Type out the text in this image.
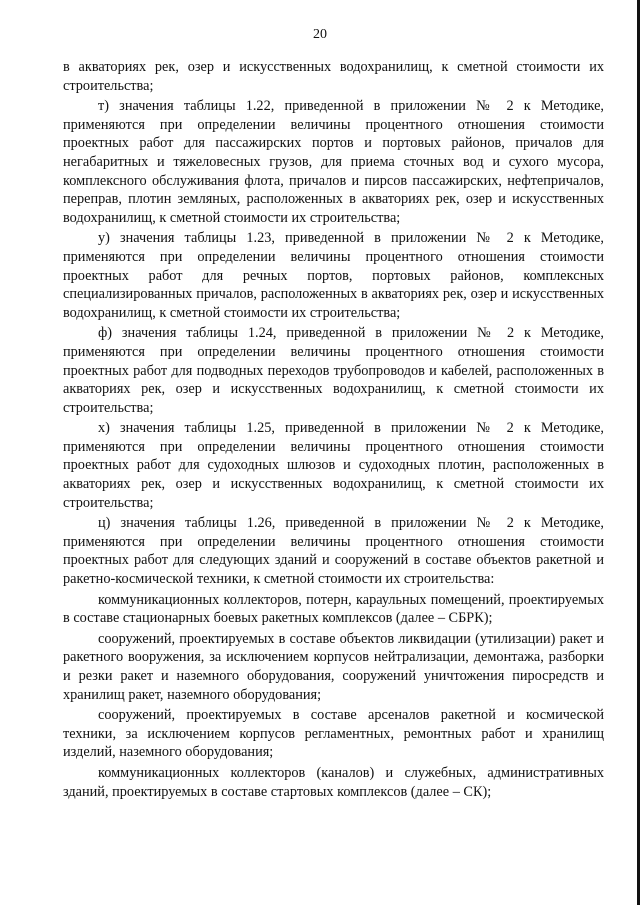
20

в акваториях рек, озер и искусственных водохранилищ, к сметной стоимости их строительства;

т) значения таблицы 1.22, приведенной в приложении № 2 к Методике, применяются при определении величины процентного отношения стоимости проектных работ для пассажирских портов и портовых районов, причалов для негабаритных и тяжеловесных грузов, для приема сточных вод и сухого мусора, комплексного обслуживания флота, причалов и пирсов пассажирских, нефтепричалов, переправ, плотин земляных, расположенных в акваториях рек, озер и искусственных водохранилищ, к сметной стоимости их строительства;

у) значения таблицы 1.23, приведенной в приложении № 2 к Методике, применяются при определении величины процентного отношения стоимости проектных работ для речных портов, портовых районов, комплексных специализированных причалов, расположенных в акваториях рек, озер и искусственных водохранилищ, к сметной стоимости их строительства;

ф) значения таблицы 1.24, приведенной в приложении № 2 к Методике, применяются при определении величины процентного отношения стоимости проектных работ для подводных переходов трубопроводов и кабелей, расположенных в акваториях рек, озер и искусственных водохранилищ, к сметной стоимости их строительства;

х) значения таблицы 1.25, приведенной в приложении № 2 к Методике, применяются при определении величины процентного отношения стоимости проектных работ для судоходных шлюзов и судоходных плотин, расположенных в акваториях рек, озер и искусственных водохранилищ, к сметной стоимости их строительства;

ц) значения таблицы 1.26, приведенной в приложении № 2 к Методике, применяются при определении величины процентного отношения стоимости проектных работ для следующих зданий и сооружений в составе объектов ракетной и ракетно-космической техники, к сметной стоимости их строительства:

коммуникационных коллекторов, потерн, караульных помещений, проектируемых в составе стационарных боевых ракетных комплексов (далее – СБРК);

сооружений, проектируемых в составе объектов ликвидации (утилизации) ракет и ракетного вооружения, за исключением корпусов нейтрализации, демонтажа, разборки и резки ракет и наземного оборудования, сооружений уничтожения пиросредств и хранилищ ракет, наземного оборудования;

сооружений, проектируемых в составе арсеналов ракетной и космической техники, за исключением корпусов регламентных, ремонтных работ и хранилищ изделий, наземного оборудования;

коммуникационных коллекторов (каналов) и служебных, административных зданий, проектируемых в составе стартовых комплексов (далее – СК);
